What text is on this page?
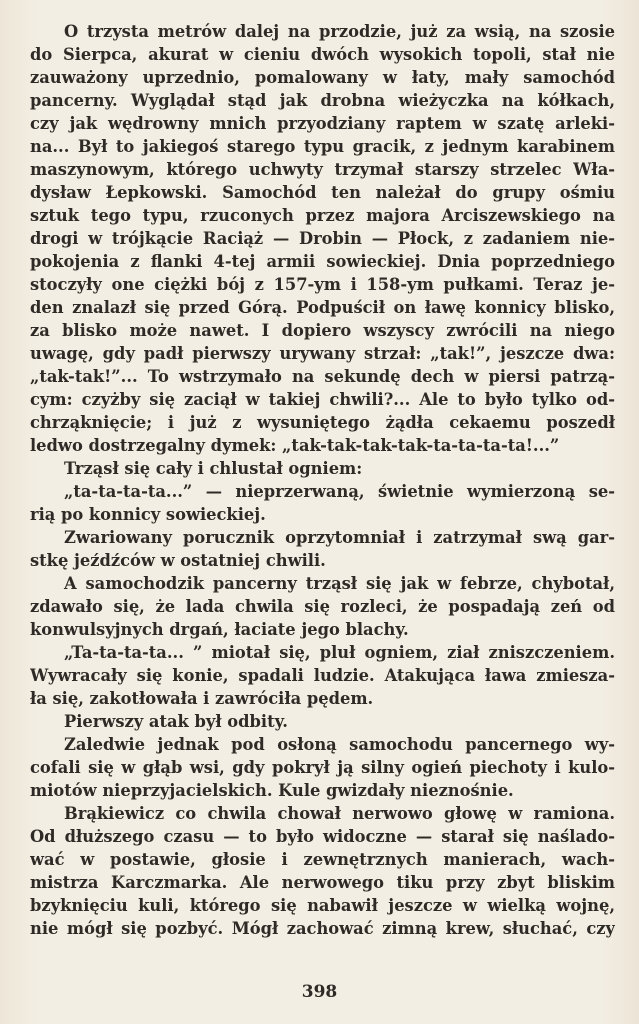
O trzysta metrów dalej na przodzie, już za wsią, na szosie
do Sierpca, akurat w cieniu dwóch wysokich topoli, stał nie
zauważony uprzednio, pomalowany w łaty, mały samochód
pancerny. Wyglądał stąd jak drobna wieżyczka na kółkach,
czy jak wędrowny mnich przyodziany raptem w szatę arlekі-
na... Był to jakiegoś starego typu gracik, z jednym karabinem
maszynowym, którego uchwyty trzymał starszy strzelec Wła-
dysław Łepkowski. Samochód ten należał do grupy ośmiu
sztuk tego typu, rzuconych przez majora Arciszewskiego na
drogi w trójkącie Raciąż — Drobin — Płock, z zadaniem nie-
pokojenia z flanki 4-tej armii sowieckiej. Dnia poprzedniego
stoczyły one ciężki bój z 157-ym i 158-ym pułkami. Teraz je-
den znalazł się przed Górą. Podpuścił on ławę konnicy blisko,
za blisko może nawet. I dopiero wszyscy zwrócili na niego
uwagę, gdy padł pierwszy urywany strzał: „tak!”, jeszcze dwa:
„tak-tak!”... To wstrzymało na sekundę dech w piersi patrzą-
cym: czyżby się zaciął w takiej chwili?... Ale to było tylko od-
chrząknięcie; i już z wysuniętego żądła cekaemu poszedł
ledwo dostrzegalny dymek: „tak-tak-tak-tak-ta-ta-ta-ta!...”
Trząsł się cały i chlustał ogniem:
„ta-ta-ta-ta...” — nieprzerwaną, świetnie wymierzoną se-
rią po konnicy sowieckiej.
Zwariowany porucznik oprzytomniał i zatrzymał swą gar-
stkę jeźdźców w ostatniej chwili.
A samochodzik pancerny trząsł się jak w febrze, chybotał,
zdawało się, że lada chwila się rozleci, że pospadają zeń od
konwulsyjnych drgań, łaciate jego blachy.
„Ta-ta-ta-ta... ” miotał się, pluł ogniem, ział zniszczeniem.
Wywracały się konie, spadali ludzie. Atakująca ława zmiesza-
ła się, zakotłowała i zawróciła pędem.
Pierwszy atak był odbity.
Zaledwie jednak pod osłoną samochodu pancernego wy-
cofali się w głąb wsi, gdy pokrył ją silny ogień piechoty i kulo-
miotów nieprzyjacielskich. Kule gwizdały nieznośnie.
Brąkiewicz co chwila chował nerwowo głowę w ramiona.
Od dłuższego czasu — to było widoczne — starał się naślado-
wać w postawie, głosie i zewnętrznych manierach, wach-
mistrza Karczmarka. Ale nerwowego tiku przy zbyt bliskim
bzyknięciu kuli, którego się nabawił jeszcze w wielką wojnę,
nie mógł się pozbyć. Mógł zachować zimną krew, słuchać, czy
398
